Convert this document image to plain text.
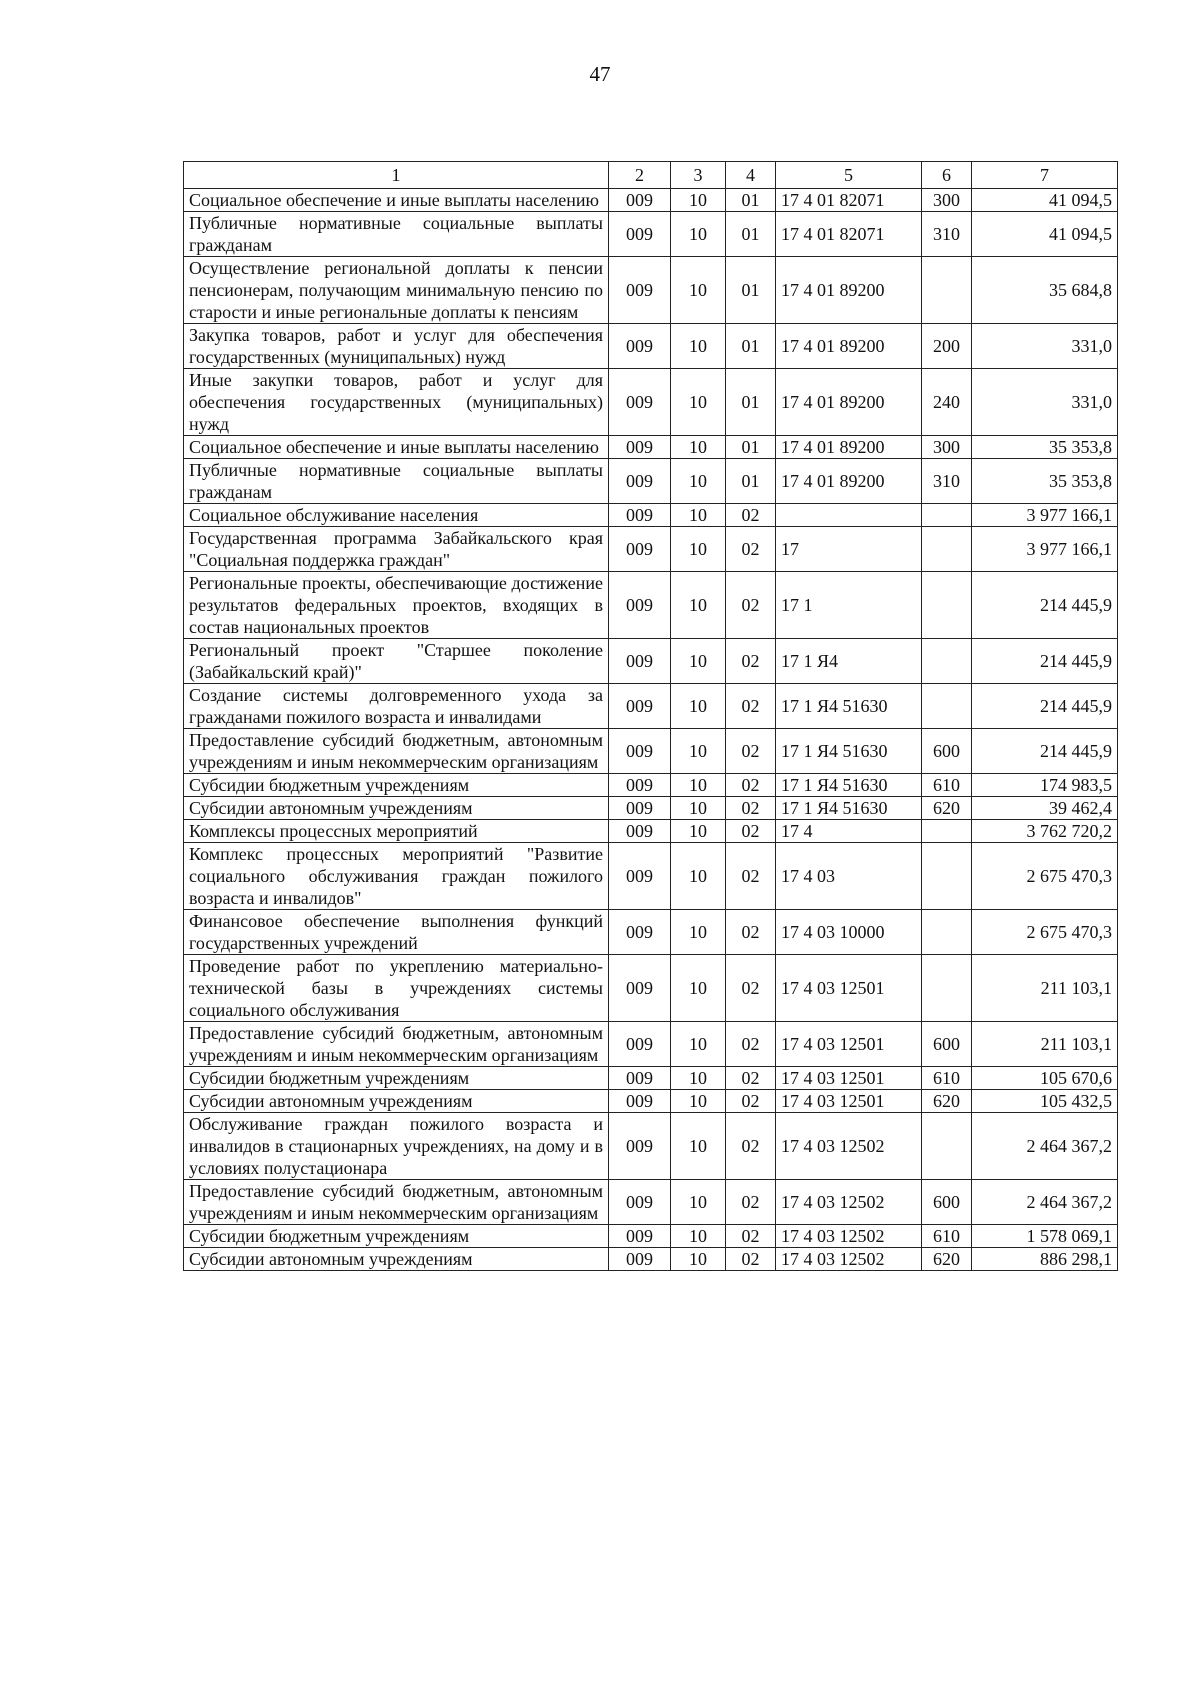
47
1	2	3	4	5	6	7
Социальное обеспечение и иные выплаты населению	009	10	01	17 4 01 82071	300	41 094,5
Публичные нормативные социальные выплаты гражданам	009	10	01	17 4 01 82071	310	41 094,5
Осуществление региональной доплаты к пенсии пенсионерам, получающим минимальную пенсию по старости и иные региональные доплаты к пенсиям	009	10	01	17 4 01 89200		35 684,8
Закупка товаров, работ и услуг для обеспечения государственных (муниципальных) нужд	009	10	01	17 4 01 89200	200	331,0
Иные закупки товаров, работ и услуг для обеспечения государственных (муниципальных) нужд	009	10	01	17 4 01 89200	240	331,0
Социальное обеспечение и иные выплаты населению	009	10	01	17 4 01 89200	300	35 353,8
Публичные нормативные социальные выплаты гражданам	009	10	01	17 4 01 89200	310	35 353,8
Социальное обслуживание населения	009	10	02			3 977 166,1
Государственная программа Забайкальского края "Социальная поддержка граждан"	009	10	02	17		3 977 166,1
Региональные проекты, обеспечивающие достижение результатов федеральных проектов, входящих в состав национальных проектов	009	10	02	17 1		214 445,9
Региональный проект "Старшее поколение (Забайкальский край)"	009	10	02	17 1 Я4		214 445,9
Создание системы долговременного ухода за гражданами пожилого возраста и инвалидами	009	10	02	17 1 Я4 51630		214 445,9
Предоставление субсидий бюджетным, автономным учреждениям и иным некоммерческим организациям	009	10	02	17 1 Я4 51630	600	214 445,9
Субсидии бюджетным учреждениям	009	10	02	17 1 Я4 51630	610	174 983,5
Субсидии автономным учреждениям	009	10	02	17 1 Я4 51630	620	39 462,4
Комплексы процессных мероприятий	009	10	02	17 4		3 762 720,2
Комплекс процессных мероприятий "Развитие социального обслуживания граждан пожилого возраста и инвалидов"	009	10	02	17 4 03		2 675 470,3
Финансовое обеспечение выполнения функций государственных учреждений	009	10	02	17 4 03 10000		2 675 470,3
Проведение работ по укреплению материально-технической базы в учреждениях системы социального обслуживания	009	10	02	17 4 03 12501		211 103,1
Предоставление субсидий бюджетным, автономным учреждениям и иным некоммерческим организациям	009	10	02	17 4 03 12501	600	211 103,1
Субсидии бюджетным учреждениям	009	10	02	17 4 03 12501	610	105 670,6
Субсидии автономным учреждениям	009	10	02	17 4 03 12501	620	105 432,5
Обслуживание граждан пожилого возраста и инвалидов в стационарных учреждениях, на дому и в условиях полустационара	009	10	02	17 4 03 12502		2 464 367,2
Предоставление субсидий бюджетным, автономным учреждениям и иным некоммерческим организациям	009	10	02	17 4 03 12502	600	2 464 367,2
Субсидии бюджетным учреждениям	009	10	02	17 4 03 12502	610	1 578 069,1
Субсидии автономным учреждениям	009	10	02	17 4 03 12502	620	886 298,1
